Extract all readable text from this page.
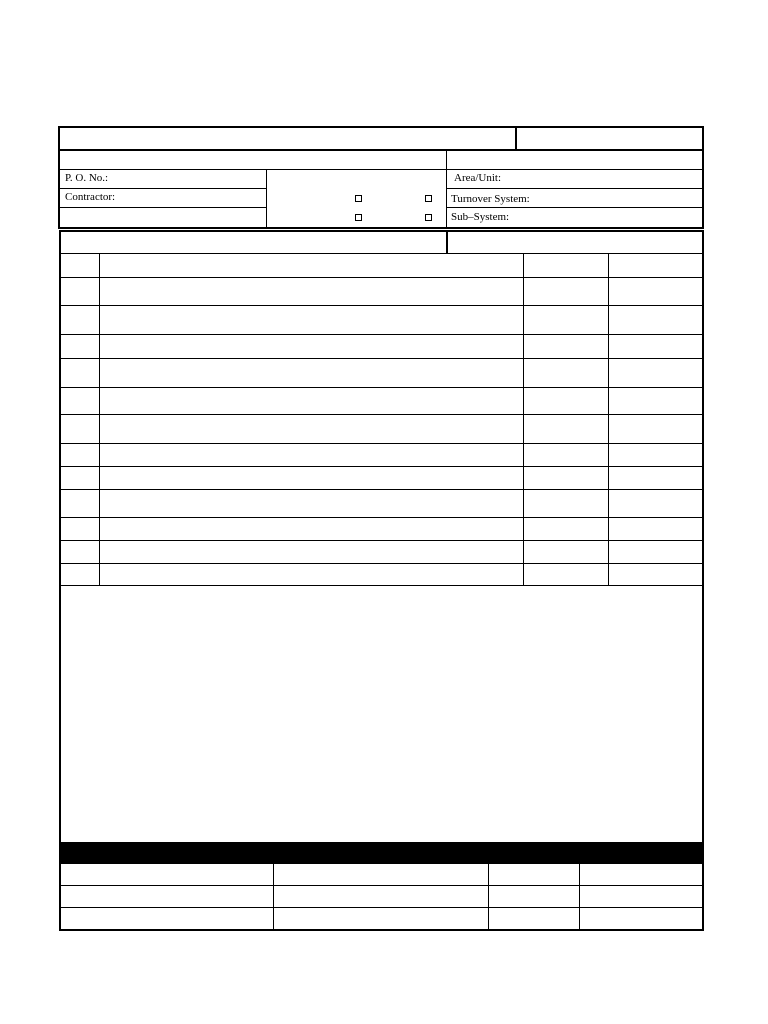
P. O. No.:
Contractor:
Area/Unit:
Turnover System:
Sub–System:
